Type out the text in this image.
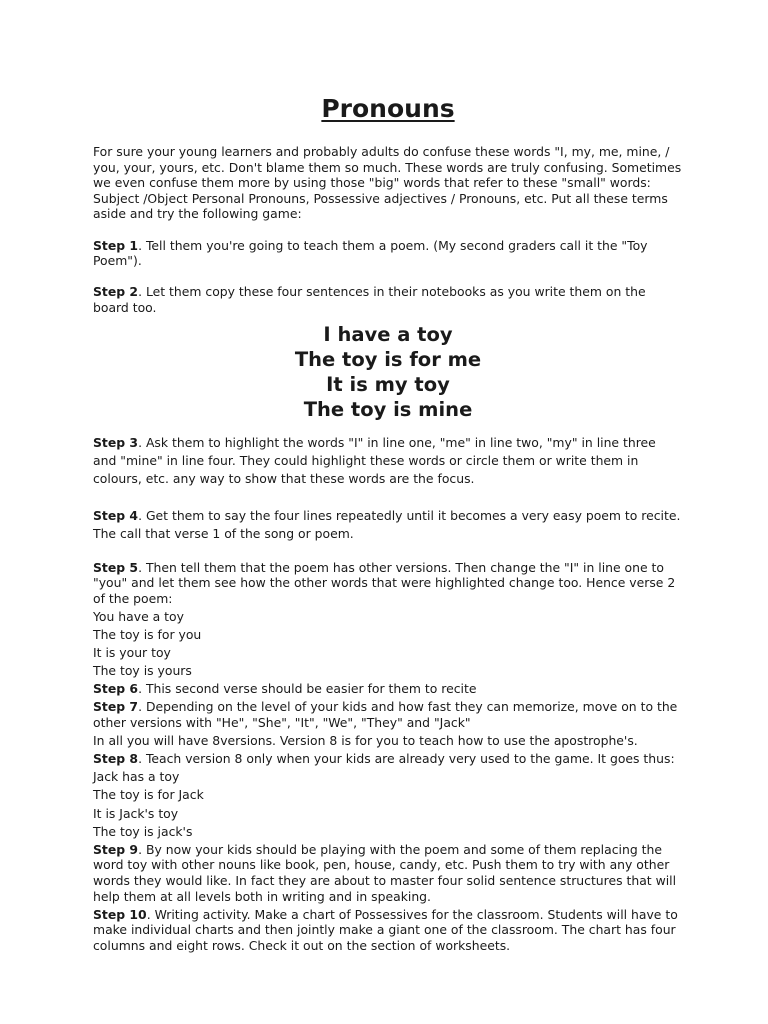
Pronouns

For sure your young learners and probably adults do confuse these words "I, my, me, mine, / you, your, yours, etc. Don't blame them so much. These words are truly confusing. Sometimes we even confuse them more by using those "big" words that refer to these "small" words: Subject /Object Personal Pronouns, Possessive adjectives / Pronouns, etc. Put all these terms aside and try the following game:

Step 1. Tell them you're going to teach them a poem. (My second graders call it the "Toy Poem").

Step 2. Let them copy these four sentences in their notebooks as you write them on the board too.

I have a toy
The toy is for me
It is my toy
The toy is mine

Step 3. Ask them to highlight the words "I" in line one, "me" in line two, "my" in line three and "mine" in line four. They could highlight these words or circle them or write them in colours, etc. any way to show that these words are the focus.

Step 4. Get them to say the four lines repeatedly until it becomes a very easy poem to recite. The call that verse 1 of the song or poem.

Step 5. Then tell them that the poem has other versions. Then change the "I" in line one to "you" and let them see how the other words that were highlighted change too. Hence verse 2 of the poem:

You have a toy

The toy is for you

It is your toy

The toy is yours

Step 6. This second verse should be easier for them to recite

Step 7. Depending on the level of your kids and how fast they can memorize, move on to the other versions with "He", "She", "It", "We", "They" and "Jack"

In all you will have 8versions. Version 8 is for you to teach how to use the apostrophe's.

Step 8. Teach version 8 only when your kids are already very used to the game. It goes thus:

Jack has a toy

The toy is for Jack

It is Jack's toy

The toy is jack's

Step 9. By now your kids should be playing with the poem and some of them replacing the word toy with other nouns like book, pen, house, candy, etc. Push them to try with any other words they would like. In fact they are about to master four solid sentence structures that will help them at all levels both in writing and in speaking.

Step 10. Writing activity. Make a chart of Possessives for the classroom. Students will have to make individual charts and then jointly make a giant one of the classroom. The chart has four columns and eight rows. Check it out on the section of worksheets.
